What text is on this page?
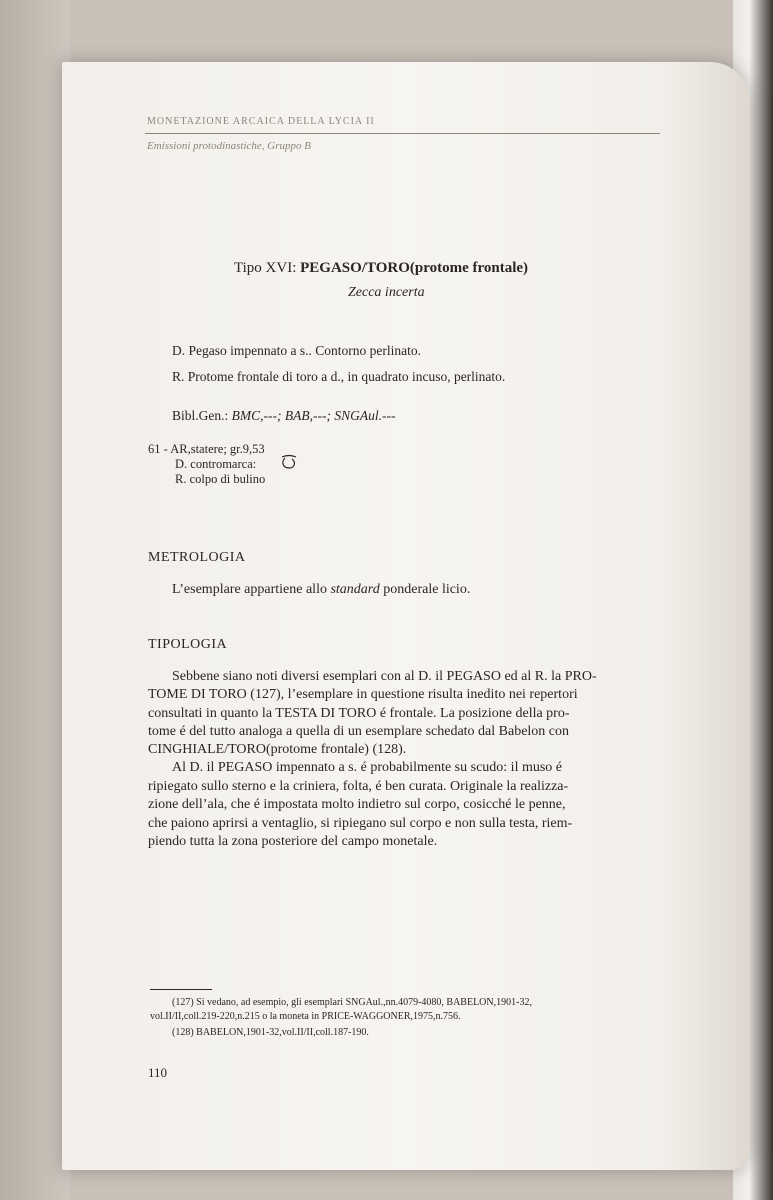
MONETAZIONE ARCAICA DELLA LYCIA II
Emissioni protodinastiche, Gruppo B
Tipo XVI: PEGASO/TORO(protome frontale)
Zecca incerta
D. Pegaso impennato a s.. Contorno perlinato.
R. Protome frontale di toro a d., in quadrato incuso, perlinato.
Bibl.Gen.: BMC,---; BAB,---; SNGAul.---
61 - AR,statere; gr.9,53
D. contromarca:
R. colpo di bulino
METROLOGIA
L’esemplare appartiene allo standard ponderale licio.
TIPOLOGIA
Sebbene siano noti diversi esemplari con al D. il PEGASO ed al R. la PRO-
TOME DI TORO (127), l’esemplare in questione risulta inedito nei repertori
consultati in quanto la TESTA DI TORO é frontale. La posizione della pro-
tome é del tutto analoga a quella di un esemplare schedato dal Babelon con
CINGHIALE/TORO(protome frontale) (128).
Al D. il PEGASO impennato a s. é probabilmente su scudo: il muso é
ripiegato sullo sterno e la criniera, folta, é ben curata. Originale la realizza-
zione dell’ala, che é impostata molto indietro sul corpo, cosicché le penne,
che paiono aprirsi a ventaglio, si ripiegano sul corpo e non sulla testa, riem-
piendo tutta la zona posteriore del campo monetale.
(127) Si vedano, ad esempio, gli esemplari SNGAul.,nn.4079-4080, BABELON,1901-32,
vol.II/II,coll.219-220,n.215 o la moneta in PRICE-WAGGONER,1975,n.756.
(128) BABELON,1901-32,vol.II/II,coll.187-190.
110
